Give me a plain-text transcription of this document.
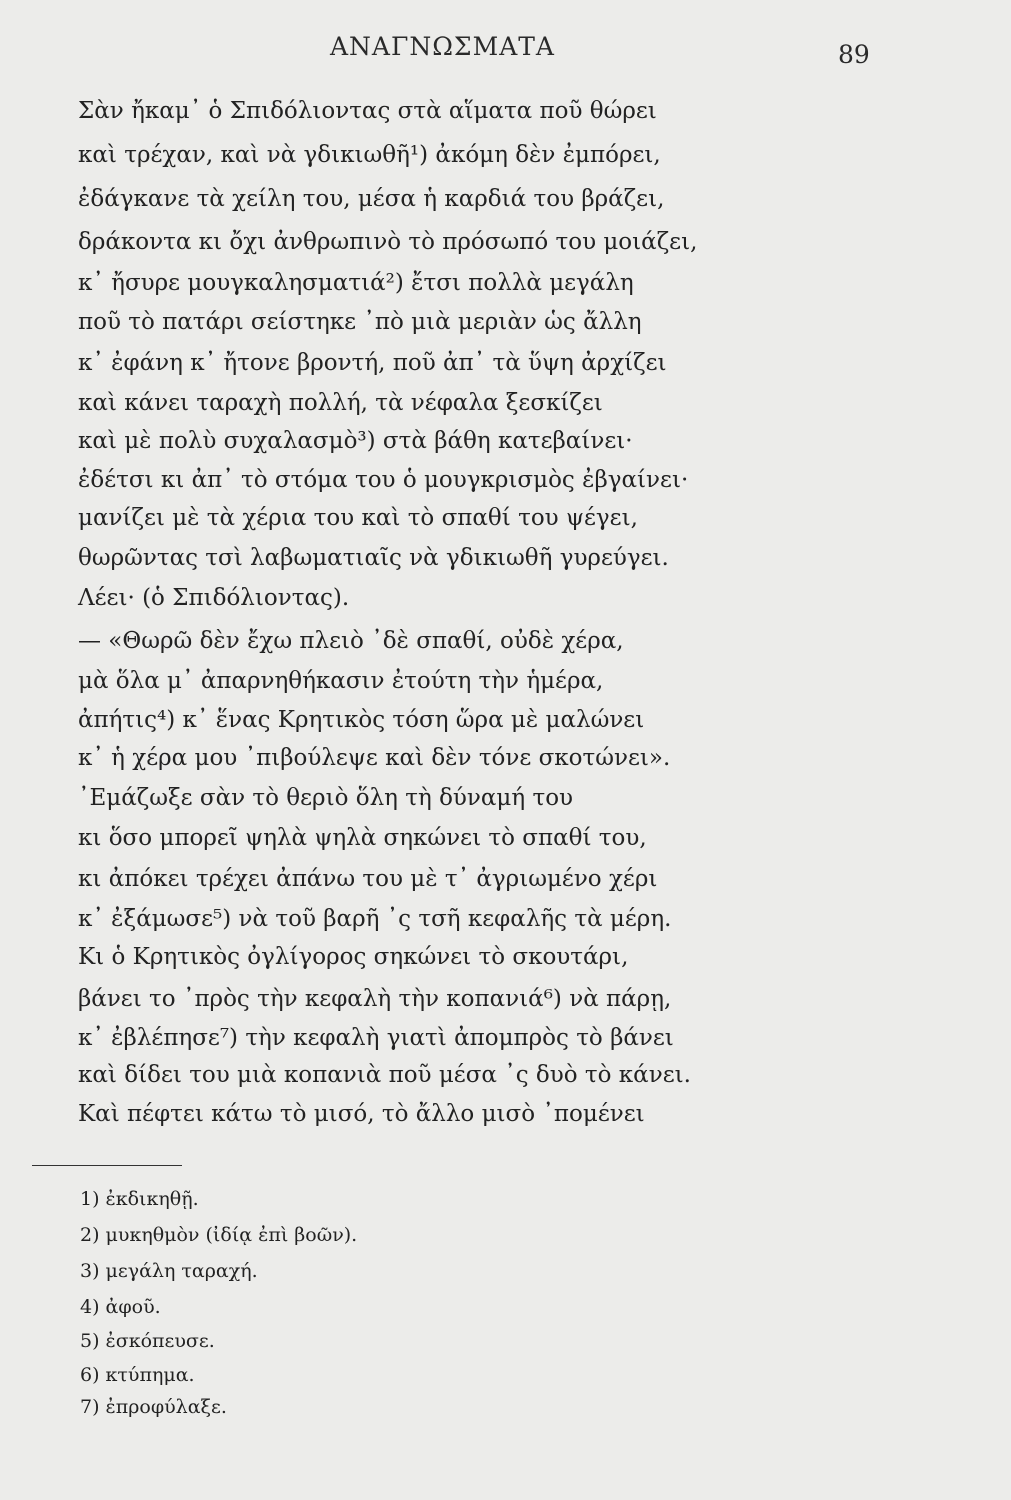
ΑΝΑΓΝΩΣΜΑΤΑ	89
Σὰν ἤκαμ᾽ ὁ Σπιδόλιοντας στὰ αἵματα ποῦ θώρει
καὶ τρέχαν, καὶ νὰ γδικιωθῆ¹) ἀκόμη δὲν ἐμπόρει,
ἐδάγκανε τὰ χείλη του, μέσα ἡ καρδιά του βράζει,
δράκοντα κι ὄχι ἀνθρωπινὸ τὸ πρόσωπό του μοιάζει,
κ᾽ ἤσυρε μουγκαλησματιά²) ἔτσι πολλὰ μεγάλη
ποῦ τὸ πατάρι σείστηκε ᾽πὸ μιὰ μεριὰν ὡς ἄλλη
κ᾽ ἐφάνη κ᾽ ἤτονε βροντή, ποῦ ἀπ᾽ τὰ ὕψη ἀρχίζει
καὶ κάνει ταραχὴ πολλή, τὰ νέφαλα ξεσκίζει
καὶ μὲ πολὺ συχαλασμὸ³) στὰ βάθη κατεβαίνει·
ἐδέτσι κι ἀπ᾽ τὸ στόμα του ὁ μουγκρισμὸς ἐβγαίνει·
μανίζει μὲ τὰ χέρια του καὶ τὸ σπαθί του ψέγει,
θωρῶντας τσὶ λαβωματιαῖς νὰ γδικιωθῆ γυρεύγει.
Λέει· (ὁ Σπιδόλιοντας).
— «Θωρῶ δὲν ἔχω πλειὸ ᾽δὲ σπαθί, οὐδὲ χέρα,
μὰ ὅλα μ᾽ ἀπαρνηθήκασιν ἐτούτη τὴν ἡμέρα,
ἀπήτις⁴) κ᾽ ἕνας Κρητικὸς τόση ὥρα μὲ μαλώνει
κ᾽ ἡ χέρα μου ᾽πιβούλεψε καὶ δὲν τόνε σκοτώνει».
᾽Εμάζωξε σὰν τὸ θεριὸ ὅλη τὴ δύναμή του
κι ὅσο μπορεῖ ψηλὰ ψηλὰ σηκώνει τὸ σπαθί του,
κι ἀπόκει τρέχει ἀπάνω του μὲ τ᾽ ἀγριωμένο χέρι
κ᾽ ἐξάμωσε⁵) νὰ τοῦ βαρῆ ᾽ς τσῆ κεφαλῆς τὰ μέρη.
Κι ὁ Κρητικὸς ὀγλίγορος σηκώνει τὸ σκουτάρι,
βάνει το ᾽πρὸς τὴν κεφαλὴ τὴν κοπανιά⁶) νὰ πάρῃ,
κ᾽ ἐβλέπησε⁷) τὴν κεφαλὴ γιατὶ ἀπομπρὸς τὸ βάνει
καὶ δίδει του μιὰ κοπανιὰ ποῦ μέσα ᾽ς δυὸ τὸ κάνει.
Καὶ πέφτει κάτω τὸ μισό, τὸ ἄλλο μισὸ ᾽πομένει
1) ἐκδικηθῇ.
2) μυκηθμὸν (ἰδίᾳ ἐπὶ βοῶν).
3) μεγάλη ταραχή.
4) ἀφοῦ.
5) ἐσκόπευσε.
6) κτύπημα.
7) ἐπροφύλαξε.
